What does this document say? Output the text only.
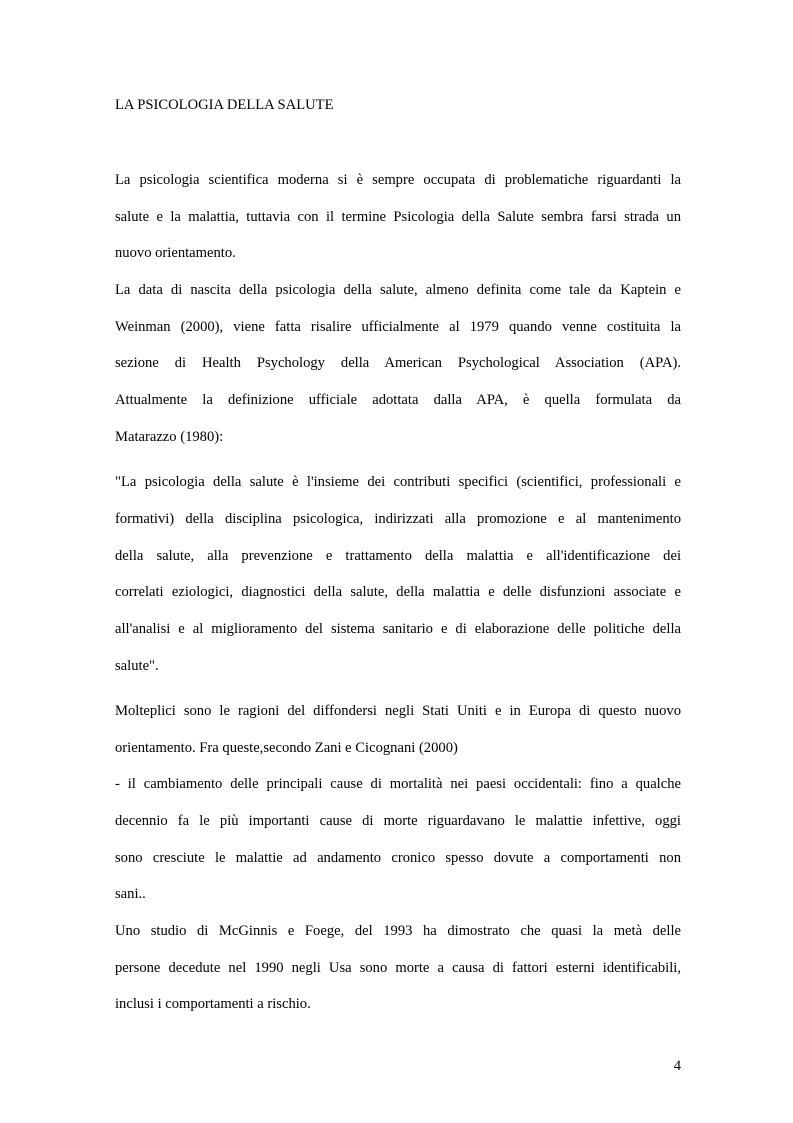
LA PSICOLOGIA DELLA SALUTE
La psicologia scientifica moderna si è sempre occupata di problematiche riguardanti la
salute e la malattia, tuttavia con il termine Psicologia della Salute sembra farsi strada un
nuovo orientamento.
La data di nascita della psicologia della salute, almeno definita come tale da Kaptein e
Weinman (2000), viene fatta risalire ufficialmente al 1979 quando venne costituita la
sezione di Health Psychology della American Psychological Association (APA).
Attualmente la definizione ufficiale adottata dalla APA, è quella formulata da
Matarazzo (1980):
"La psicologia della salute è l'insieme dei contributi specifici (scientifici, professionali e
formativi) della disciplina psicologica, indirizzati alla promozione e al mantenimento
della salute, alla prevenzione e trattamento della malattia e all'identificazione dei
correlati eziologici, diagnostici della salute, della malattia e delle disfunzioni associate e
all'analisi e al miglioramento del sistema sanitario e di elaborazione delle politiche della
salute".
Molteplici sono le ragioni del diffondersi negli Stati Uniti e in Europa di questo nuovo
orientamento. Fra queste,secondo Zani e Cicognani (2000)
- il cambiamento delle principali cause di mortalità nei paesi occidentali: fino a qualche
decennio fa le più importanti cause di morte riguardavano le malattie infettive, oggi
sono cresciute le malattie ad andamento cronico spesso dovute a comportamenti non
sani..
Uno studio di McGinnis e Foege, del 1993 ha dimostrato che quasi la metà delle
persone decedute nel 1990 negli Usa sono morte a causa di fattori esterni identificabili,
inclusi i comportamenti a rischio.
4
